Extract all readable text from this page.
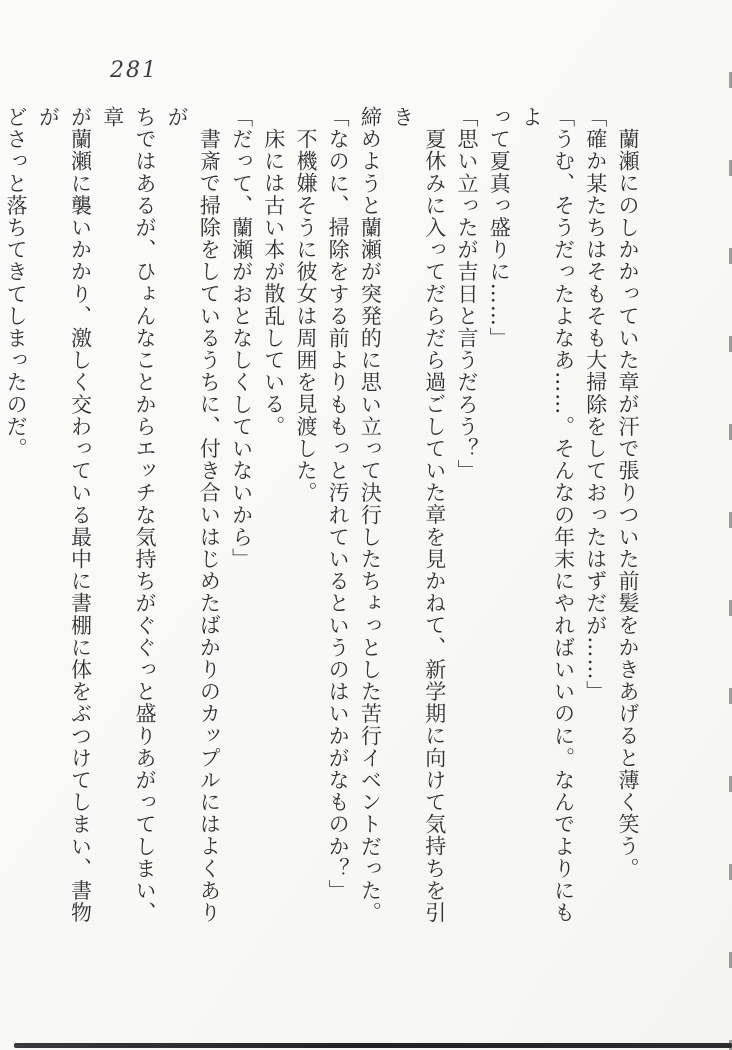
281
蘭瀬にのしかかっていた章が汗で張りついた前髪をかきあげると薄く笑う。
「確か某たちはそもそも大掃除をしておったはずだが……」
「うむ、そうだったよなあ……。そんなの年末にやればいいのに。なんでよりにもよ
って夏真っ盛りに……」
「思い立ったが吉日と言うだろう？」
夏休みに入ってだらだら過ごしていた章を見かねて、新学期に向けて気持ちを引き
締めようと蘭瀬が突発的に思い立って決行したちょっとした苦行イベントだった。
「なのに、掃除をする前よりももっと汚れているというのはいかがなものか？」
不機嫌そうに彼女は周囲を見渡した。
床には古い本が散乱している。
「だって、蘭瀬がおとなしくしていないから」
書斎で掃除をしているうちに、付き合いはじめたばかりのカップルにはよくありが
ちではあるが、ひょんなことからエッチな気持ちがぐぐっと盛りあがってしまい、章
が蘭瀬に襲いかかり、激しく交わっている最中に書棚に体をぶつけてしまい、書物が
どさっと落ちてきてしまったのだ。
